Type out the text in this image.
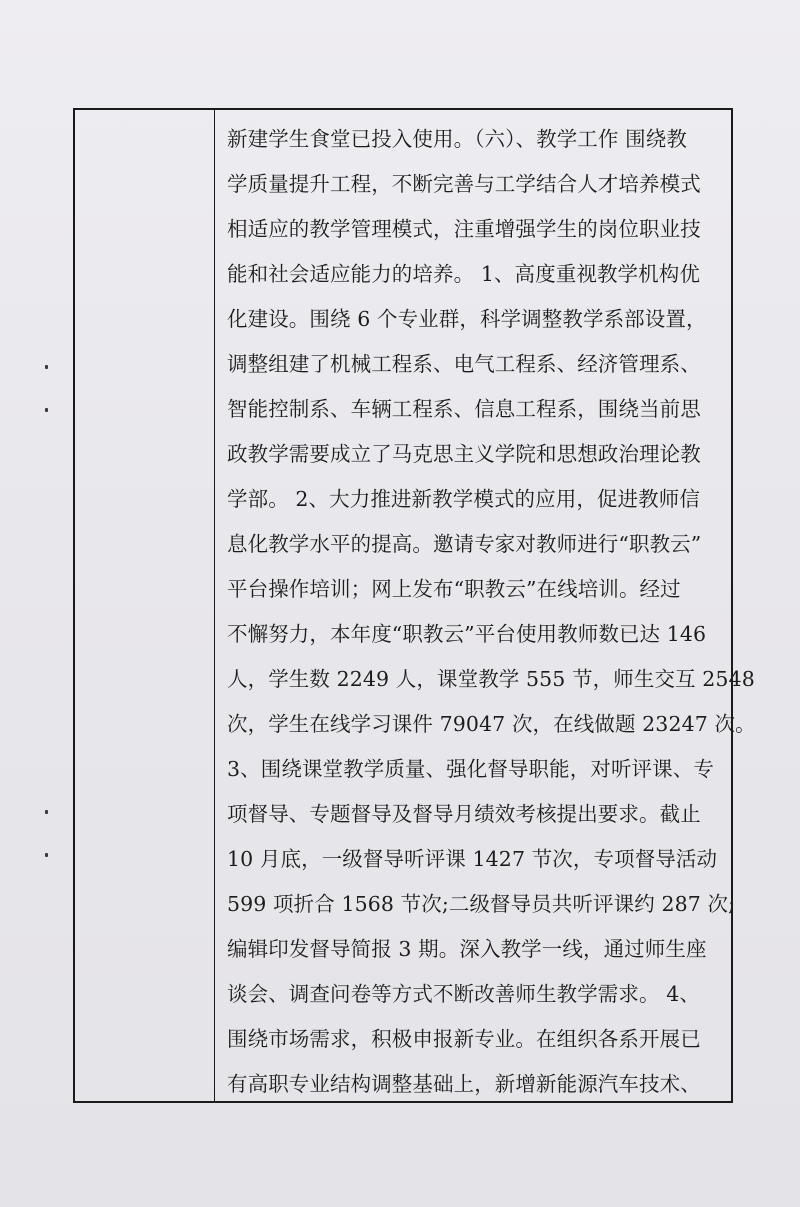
新建学生食堂已投入使用。（六）、教学工作 围绕教
学质量提升工程，不断完善与工学结合人才培养模式
相适应的教学管理模式，注重增强学生的岗位职业技
能和社会适应能力的培养。 1、高度重视教学机构优
化建设。围绕 6 个专业群，科学调整教学系部设置，
调整组建了机械工程系、电气工程系、经济管理系、
智能控制系、车辆工程系、信息工程系，围绕当前思
政教学需要成立了马克思主义学院和思想政治理论教
学部。 2、大力推进新教学模式的应用，促进教师信
息化教学水平的提高。邀请专家对教师进行“职教云”
平台操作培训；网上发布“职教云”在线培训。经过
不懈努力，本年度“职教云”平台使用教师数已达 146
人，学生数 2249 人，课堂教学 555 节，师生交互 2548
次，学生在线学习课件 79047 次，在线做题 23247 次。
3、围绕课堂教学质量、强化督导职能，对听评课、专
项督导、专题督导及督导月绩效考核提出要求。截止
10 月底，一级督导听评课 1427 节次，专项督导活动
599 项折合 1568 节次;二级督导员共听评课约 287 次;
编辑印发督导简报 3 期。深入教学一线，通过师生座
谈会、调查问卷等方式不断改善师生教学需求。 4、
围绕市场需求，积极申报新专业。在组织各系开展已
有高职专业结构调整基础上，新增新能源汽车技术、
